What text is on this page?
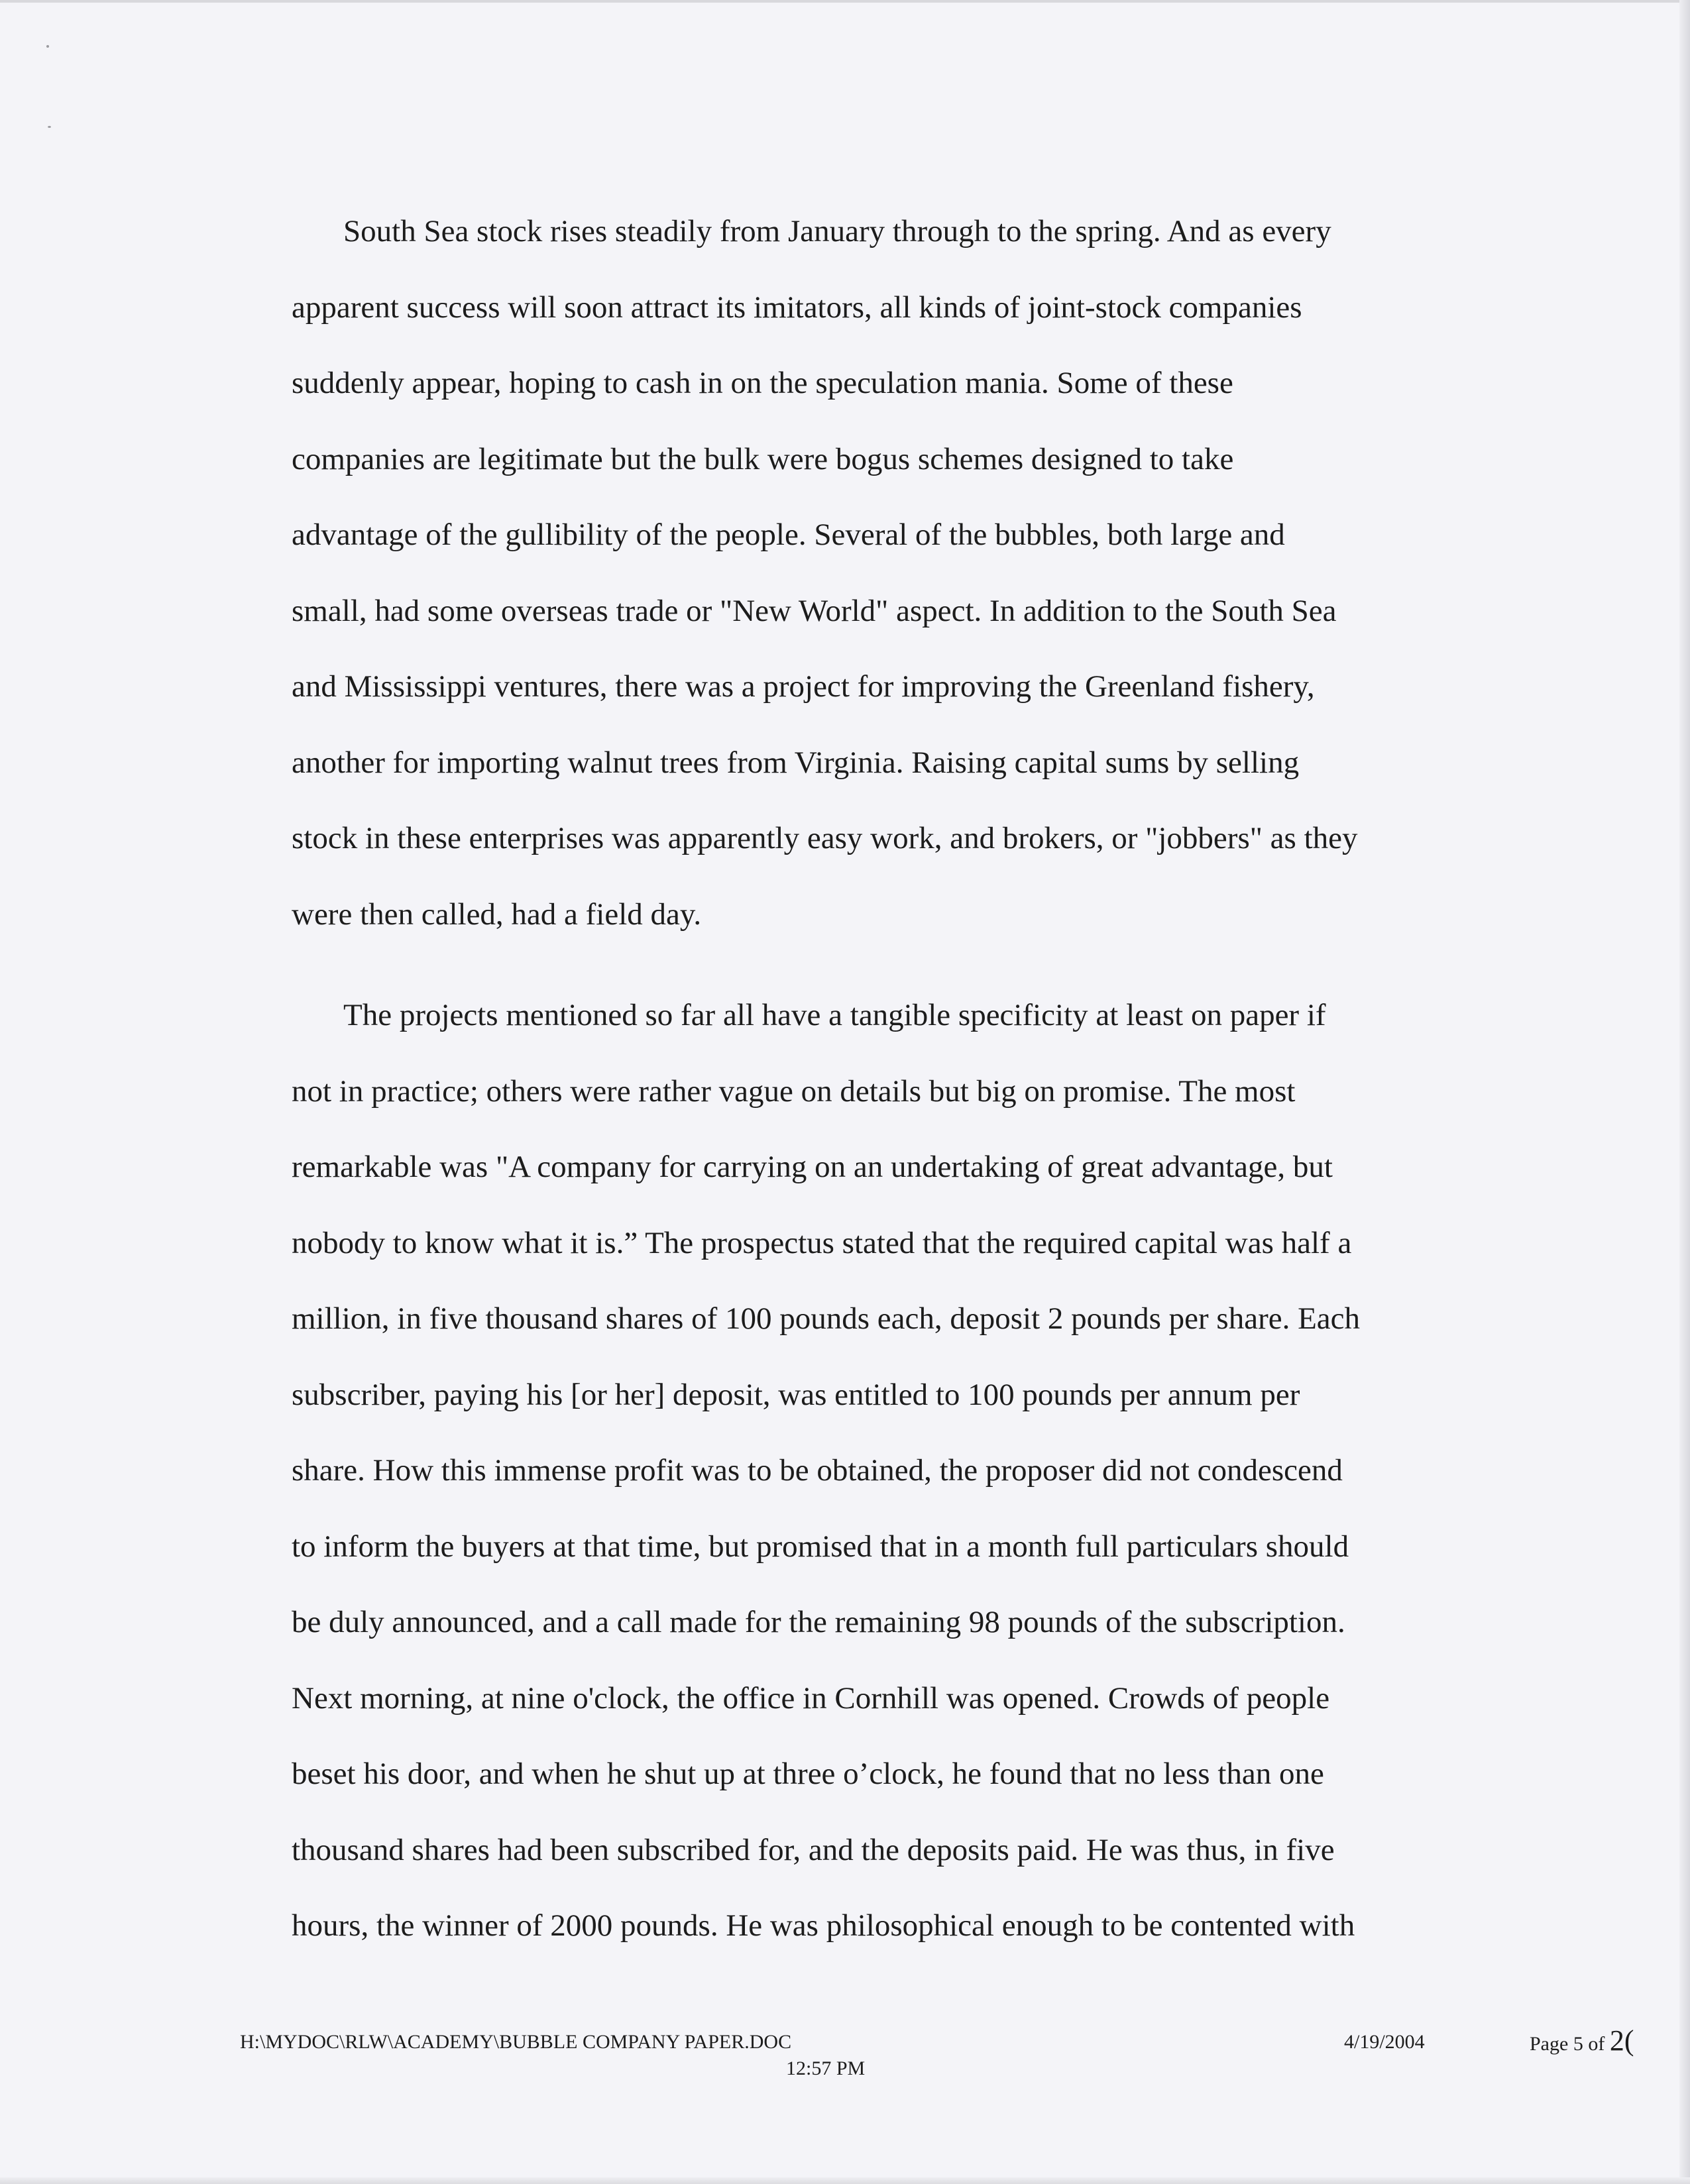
South Sea stock rises steadily from January through to the spring. And as every
apparent success will soon attract its imitators, all kinds of joint-stock companies
suddenly appear, hoping to cash in on the speculation mania. Some of these
companies are legitimate but the bulk were bogus schemes designed to take
advantage of the gullibility of the people. Several of the bubbles, both large and
small, had some overseas trade or "New World" aspect. In addition to the South Sea
and Mississippi ventures, there was a project for improving the Greenland fishery,
another for importing walnut trees from Virginia. Raising capital sums by selling
stock in these enterprises was apparently easy work, and brokers, or "jobbers" as they
were then called, had a field day.

The projects mentioned so far all have a tangible specificity at least on paper if
not in practice; others were rather vague on details but big on promise. The most
remarkable was "A company for carrying on an undertaking of great advantage, but
nobody to know what it is.” The prospectus stated that the required capital was half a
million, in five thousand shares of 100 pounds each, deposit 2 pounds per share. Each
subscriber, paying his [or her] deposit, was entitled to 100 pounds per annum per
share. How this immense profit was to be obtained, the proposer did not condescend
to inform the buyers at that time, but promised that in a month full particulars should
be duly announced, and a call made for the remaining 98 pounds of the subscription.
Next morning, at nine o'clock, the office in Cornhill was opened. Crowds of people
beset his door, and when he shut up at three o’clock, he found that no less than one
thousand shares had been subscribed for, and the deposits paid. He was thus, in five
hours, the winner of 2000 pounds. He was philosophical enough to be contented with

H:\MYDOC\RLW\ACADEMY\BUBBLE COMPANY PAPER.DOC
12:57 PM
4/19/2004	Page 5 of 2(
